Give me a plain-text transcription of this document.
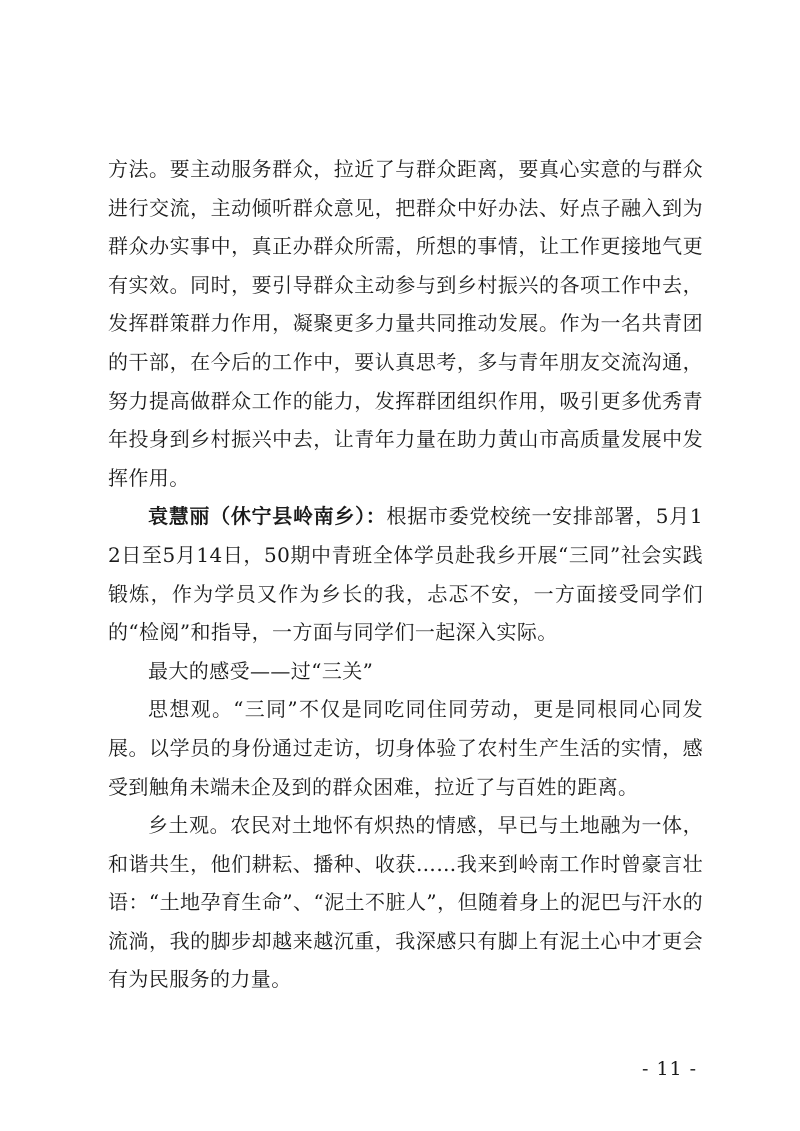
方法。要主动服务群众，拉近了与群众距离，要真心实意的与群众进行交流，主动倾听群众意见，把群众中好办法、好点子融入到为群众办实事中，真正办群众所需，所想的事情，让工作更接地气更有实效。同时，要引导群众主动参与到乡村振兴的各项工作中去，发挥群策群力作用，凝聚更多力量共同推动发展。作为一名共青团的干部，在今后的工作中，要认真思考，多与青年朋友交流沟通，努力提高做群众工作的能力，发挥群团组织作用，吸引更多优秀青年投身到乡村振兴中去，让青年力量在助力黄山市高质量发展中发挥作用。

袁慧丽（休宁县岭南乡）：根据市委党校统一安排部署，5月12日至5月14日，50期中青班全体学员赴我乡开展“三同”社会实践锻炼，作为学员又作为乡长的我，忐忑不安，一方面接受同学们的“检阅”和指导，一方面与同学们一起深入实际。

最大的感受——过“三关”

思想观。“三同”不仅是同吃同住同劳动，更是同根同心同发展。以学员的身份通过走访，切身体验了农村生产生活的实情，感受到触角未端未企及到的群众困难，拉近了与百姓的距离。

乡土观。农民对土地怀有炽热的情感，早已与土地融为一体，和谐共生，他们耕耘、播种、收获……我来到岭南工作时曾豪言壮语：“土地孕育生命”、“泥土不脏人”，但随着身上的泥巴与汗水的流淌，我的脚步却越来越沉重，我深感只有脚上有泥土心中才更会有为民服务的力量。

- 11 -
